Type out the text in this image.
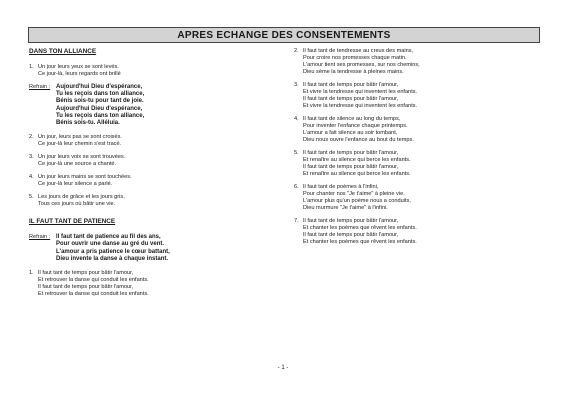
APRES ECHANGE DES CONSENTEMENTS
DANS TON ALLIANCE
1. Un jour leurs yeux se sont levés.
Ce jour-là, leurs regards ont brillé
Refrain : Aujourd'hui Dieu d'espérance,
Tu les reçois dans ton alliance,
Bénis sois-tu pour tant de joie.
Aujourd'hui Dieu d'espérance,
Tu les reçois dans ton alliance,
Bénis sois-tu. Alléluia.
2. Un jour, leurs pas se sont croisés.
Ce jour-là leur chemin s'est tracé.
3. Un jour leurs voix se sont trouvées.
Ce jour-là une source a chanté.
4. Un jour leurs mains se sont touchées.
Ce jour-là leur silence a parlé.
5. Les jours de grâce et les jours gris,
Tous ces jours où bâtir une vie.
IL FAUT TANT DE PATIENCE
Refrain : Il faut tant de patience au fil des ans,
Pour ouvrir une danse au gré du vent.
L'amour a pris patience le cœur battant,
Dieu invente la danse à chaque instant.
1. Il faut tant de temps pour bâtir l'amour,
Et retrouver la danse qui conduit les enfants.
Il faut tant de temps pour bâtir l'amour,
Et retrouver la danse qui conduit les enfants.
2. Il faut tant de tendresse au creux des mains,
Pour croire nos promesses chaque matin.
L'amour tient ses promesses, sur nos chemins,
Dieu sème la tendresse à pleines mains.
3. Il faut tant de temps pour bâtir l'amour,
Et vivre la tendresse qui inventent les enfants.
Il faut tant de temps pour bâtir l'amour,
Et vivre la tendresse qui inventent les enfants.
4. Il faut tant de silence au long du temps,
Pour inventer l'enfance chaque printemps.
L'amour a fait silence au soir tombant,
Dieu nous ouvre l'enfance au bout du temps.
5. Il faut tant de temps pour bâtir l'amour,
Et renaître au silence qui berce les enfants.
Il faut tant de temps pour bâtir l'amour,
Et renaître au silence qui berce les enfants.
6. Il faut tant de poèmes à l'infini,
Pour chanter nos "Je t'aime" à pleine vie.
L'amour plus qu'un poème nous a conduits,
Dieu murmure "Je t'aime" à l'infini.
7. Il faut tant de temps pour bâtir l'amour,
Et chanter les poèmes que rêvent les enfants.
Il faut tant de temps pour bâtir l'amour,
Et chanter les poèmes que rêvent les enfants.
- 1 -
